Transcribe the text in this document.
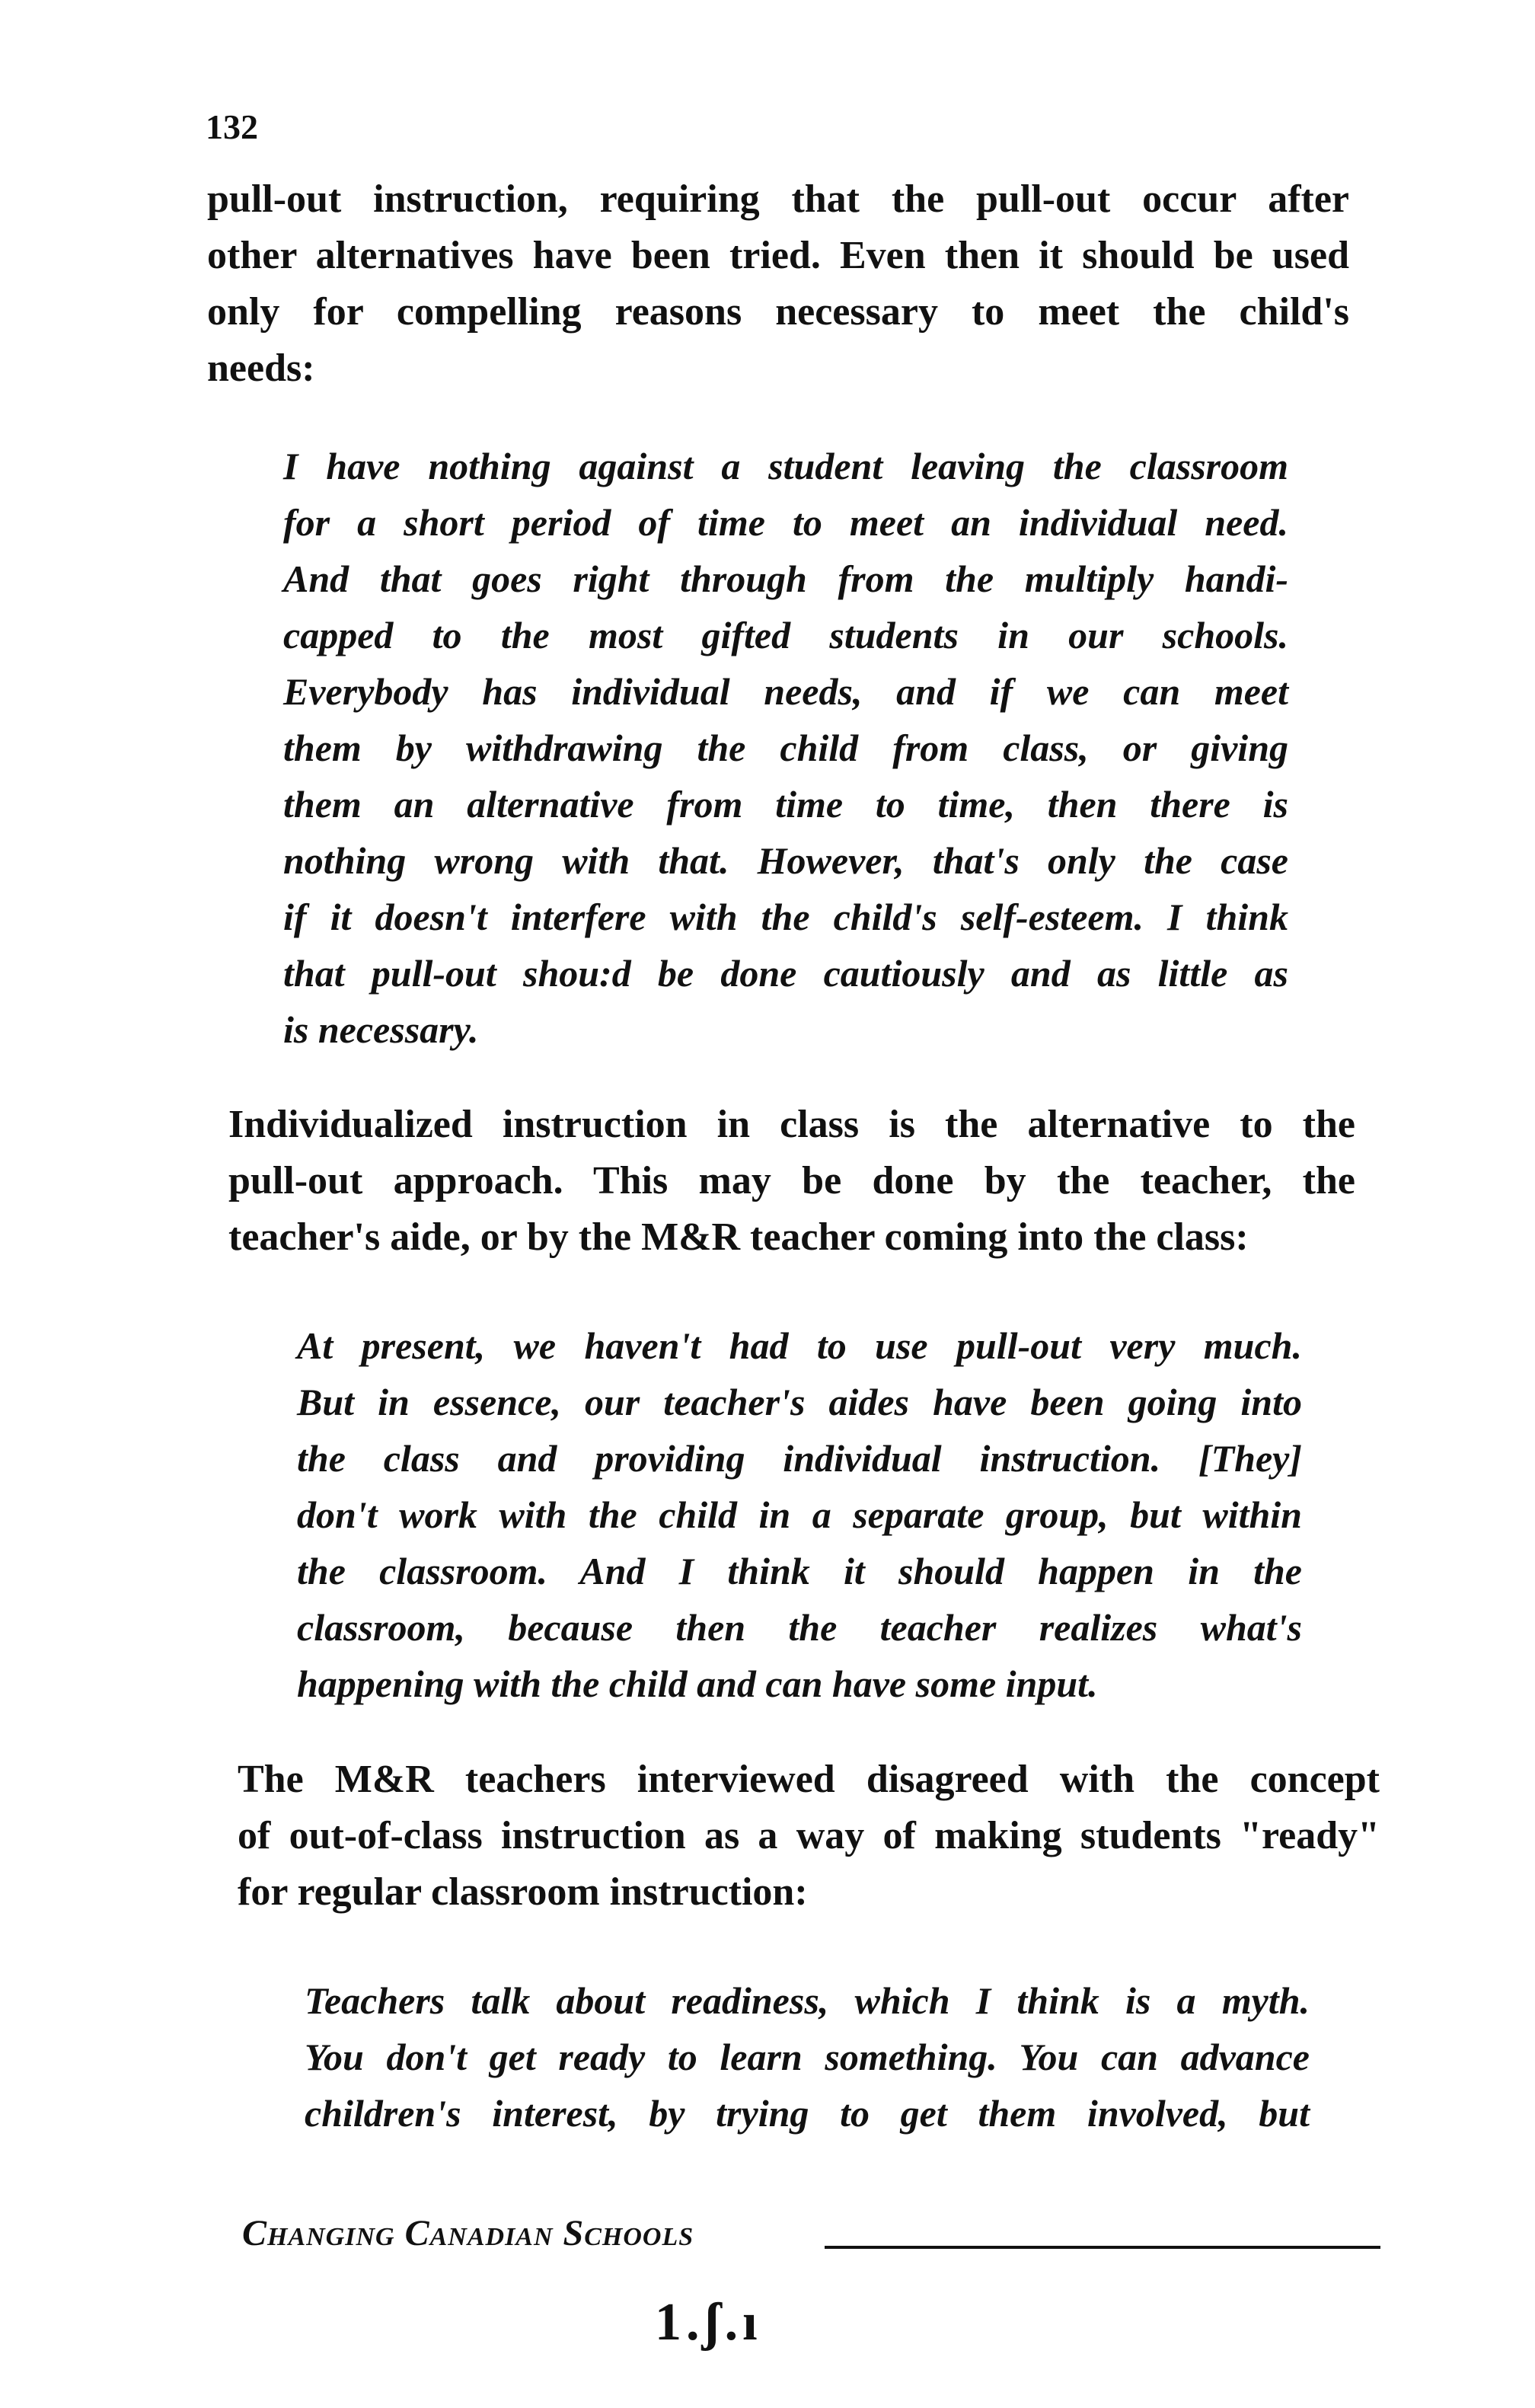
132
pull-out instruction, requiring that the pull-out occur after
other alternatives have been tried. Even then it should be used
only for compelling reasons necessary to meet the child's
needs:
I have nothing against a student leaving the classroom
for a short period of time to meet an individual need.
And that goes right through from the multiply handi-
capped to the most gifted students in our schools.
Everybody has individual needs, and if we can meet
them by withdrawing the child from class, or giving
them an alternative from time to time, then there is
nothing wrong with that. However, that's only the case
if it doesn't interfere with the child's self-esteem. I think
that pull-out shou:d be done cautiously and as little as
is necessary.
Individualized instruction in class is the alternative to the
pull-out approach. This may be done by the teacher, the
teacher's aide, or by the M&R teacher coming into the class:
At present, we haven't had to use pull-out very much.
But in essence, our teacher's aides have been going into
the class and providing individual instruction. [They]
don't work with the child in a separate group, but within
the classroom. And I think it should happen in the
classroom, because then the teacher realizes what's
happening with the child and can have some input.
The M&R teachers interviewed disagreed with the concept
of out-of-class instruction as a way of making students "ready"
for regular classroom instruction:
Teachers talk about readiness, which I think is a myth.
You don't get ready to learn something. You can advance
children's interest, by trying to get them involved, but
Changing Canadian Schools
1.ʃ.ı
